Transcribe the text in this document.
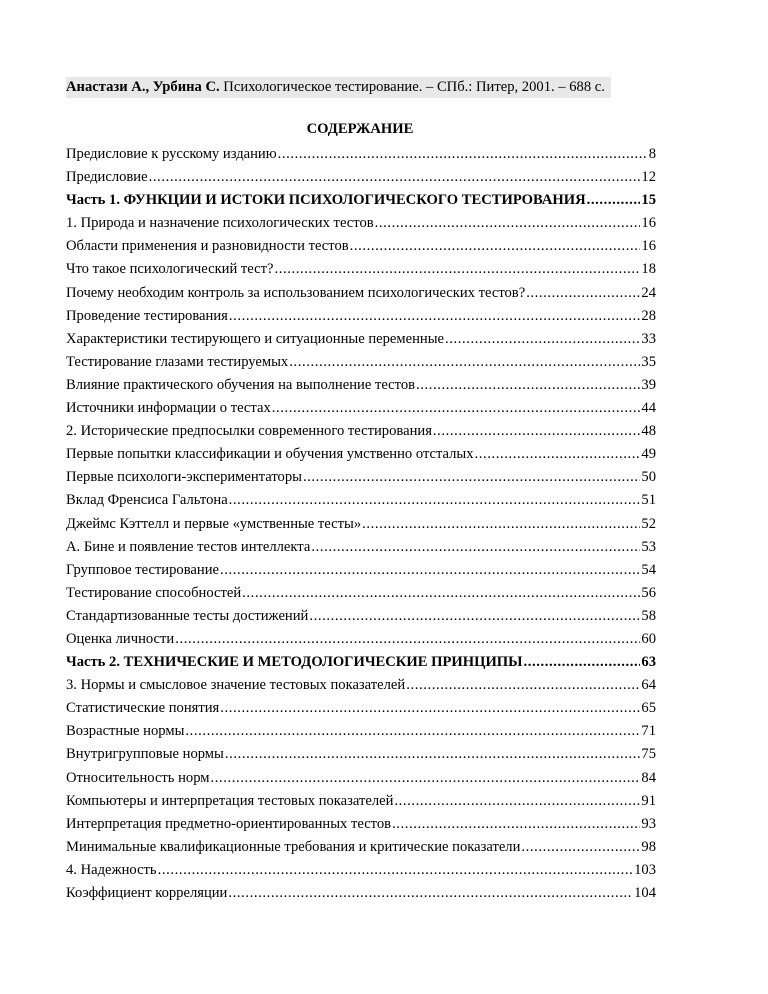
Анастази А., Урбина С. Психологическое тестирование. – СПб.: Питер, 2001. – 688 с.
СОДЕРЖАНИЕ
Предисловие к русскому изданию .....	8
Предисловие .....	12
Часть 1. ФУНКЦИИ И ИСТОКИ ПСИХОЛОГИЧЕСКОГО ТЕСТИРОВАНИЯ .....	15
1. Природа и назначение психологических тестов .....	16
Области применения и разновидности тестов .....	16
Что такое психологический тест? .....	18
Почему необходим контроль за использованием психологических тестов? .....	24
Проведение тестирования .....	28
Характеристики тестирующего и ситуационные переменные .....	33
Тестирование глазами тестируемых .....	35
Влияние практического обучения на выполнение тестов .....	39
Источники информации о тестах .....	44
2. Исторические предпосылки современного тестирования .....	48
Первые попытки классификации и обучения умственно отсталых .....	49
Первые психологи-экспериментаторы .....	50
Вклад Френсиса Гальтона .....	51
Джеймс Кэттелл и первые «умственные тесты» .....	52
А. Бине и появление тестов интеллекта .....	53
Групповое тестирование .....	54
Тестирование способностей .....	56
Стандартизованные тесты достижений .....	58
Оценка личности .....	60
Часть 2. ТЕХНИЧЕСКИЕ И МЕТОДОЛОГИЧЕСКИЕ ПРИНЦИПЫ .....	63
3. Нормы и смысловое значение тестовых показателей .....	64
Статистические понятия .....	65
Возрастные нормы .....	71
Внутригрупповые нормы .....	75
Относительность норм .....	84
Компьютеры и интерпретация тестовых показателей .....	91
Интерпретация предметно-ориентированных тестов .....	93
Минимальные квалификационные требования и критические показатели .....	98
4. Надежность .....	103
Коэффициент корреляции .....	104
